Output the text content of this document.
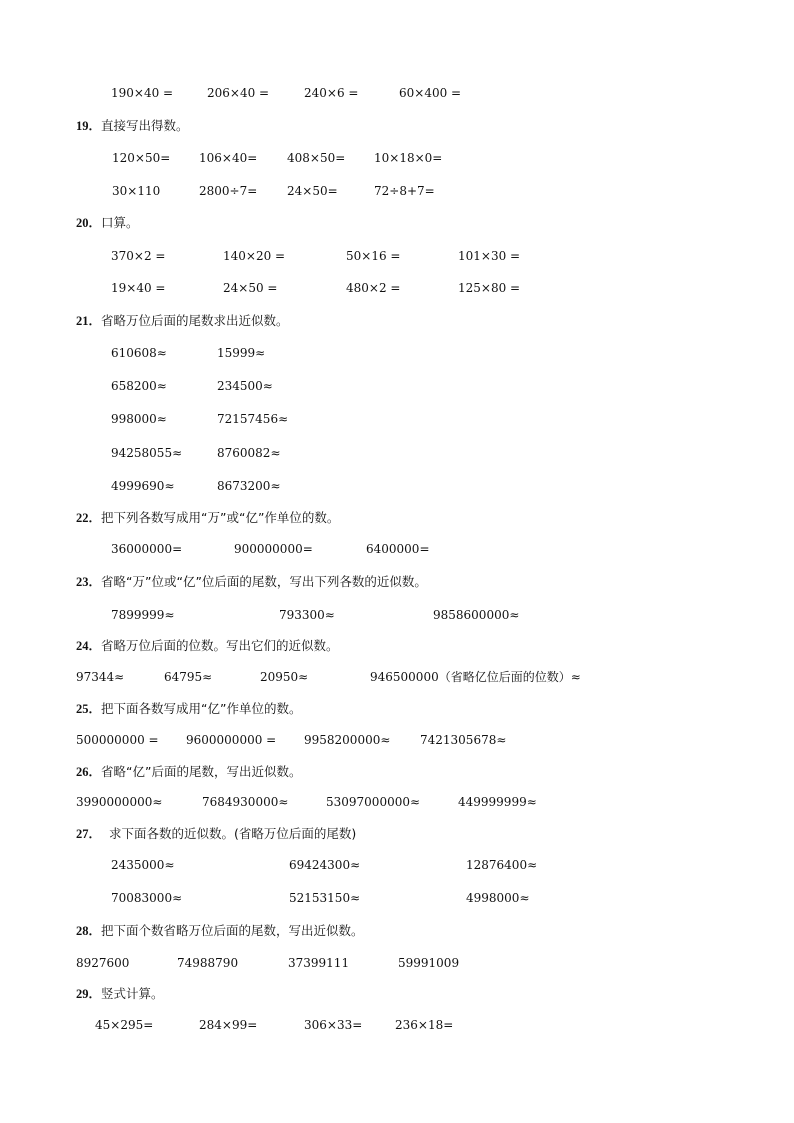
190×40 =	206×40 =	240×6 =	60×400 =
19．直接写出得数。
120×50= 106×40= 408×50= 10×18×0=
30×110	2800÷7= 24×50=	72÷8+7=
20．口算。
370×2 =	140×20 =	50×16 =	101×30 =
19×40 =	24×50 =	480×2 =	125×80 =
21．省略万位后面的尾数求出近似数。
610608≈	15999≈
658200≈	234500≈
998000≈	72157456≈
94258055≈	8760082≈
4999690≈	8673200≈
22．把下列各数写成用“万”或“亿”作单位的数。
36000000=	900000000=	6400000=
23．省略“万”位或“亿”位后面的尾数，写出下列各数的近似数。
7899999≈	793300≈	9858600000≈
24．省略万位后面的位数。写出它们的近似数。
97344≈	64795≈	20950≈	946500000（省略亿位后面的位数）≈
25．把下面各数写成用“亿”作单位的数。
500000000 = 9600000000 = 9958200000≈ 7421305678≈
26．省略“亿”后面的尾数，写出近似数。
3990000000≈	7684930000≈	53097000000≈	449999999≈
27． 求下面各数的近似数。(省略万位后面的尾数)
2435000≈	69424300≈	12876400≈
70083000≈	52153150≈	4998000≈
28．把下面个数省略万位后面的尾数，写出近似数。
8927600	74988790	37399111	59991009
29．竖式计算。
45×295=	284×99=	306×33=	236×18=
